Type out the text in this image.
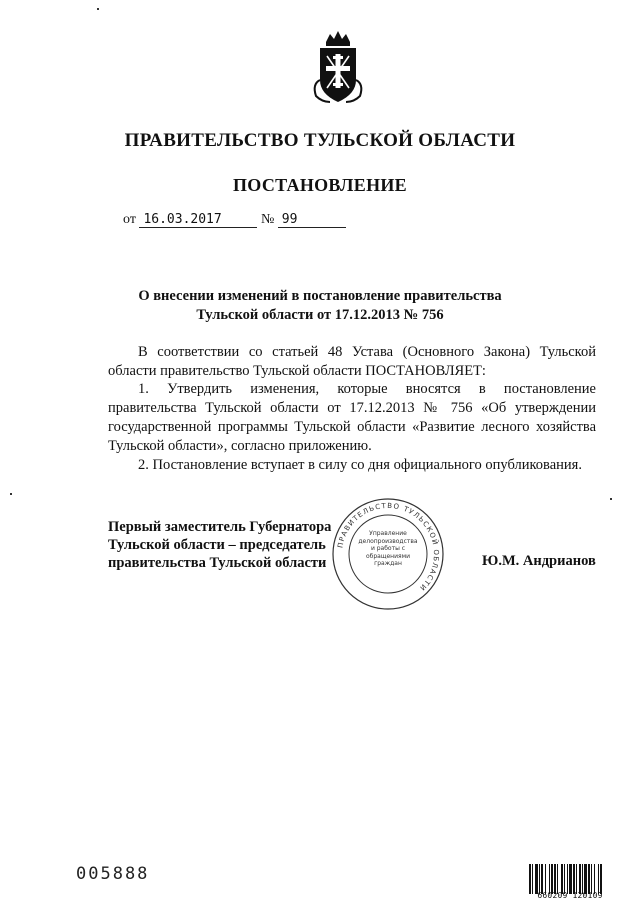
ПРАВИТЕЛЬСТВО ТУЛЬСКОЙ ОБЛАСТИ
ПОСТАНОВЛЕНИЕ
от 16.03.2017	№ 99
О внесении изменений в постановление правительства
Тульской области от 17.12.2013 № 756
В соответствии со статьей 48 Устава (Основного Закона) Тульской области правительство Тульской области ПОСТАНОВЛЯЕТ:
1. Утвердить изменения, которые вносятся в постановление правительства Тульской области от 17.12.2013 № 756 «Об утверждении государственной программы Тульской области «Развитие лесного хозяйства Тульской области», согласно приложению.
2. Постановление вступает в силу со дня официального опубликования.
ПРАВИТЕЛЬСТВО ТУЛЬСКОЙ ОБЛАСТИ
Управление делопроизводства и работы с обращениями граждан
Первый заместитель Губернатора
Тульской области – председатель
правительства Тульской области	Ю.М. Андрианов
005888
660209 120109
